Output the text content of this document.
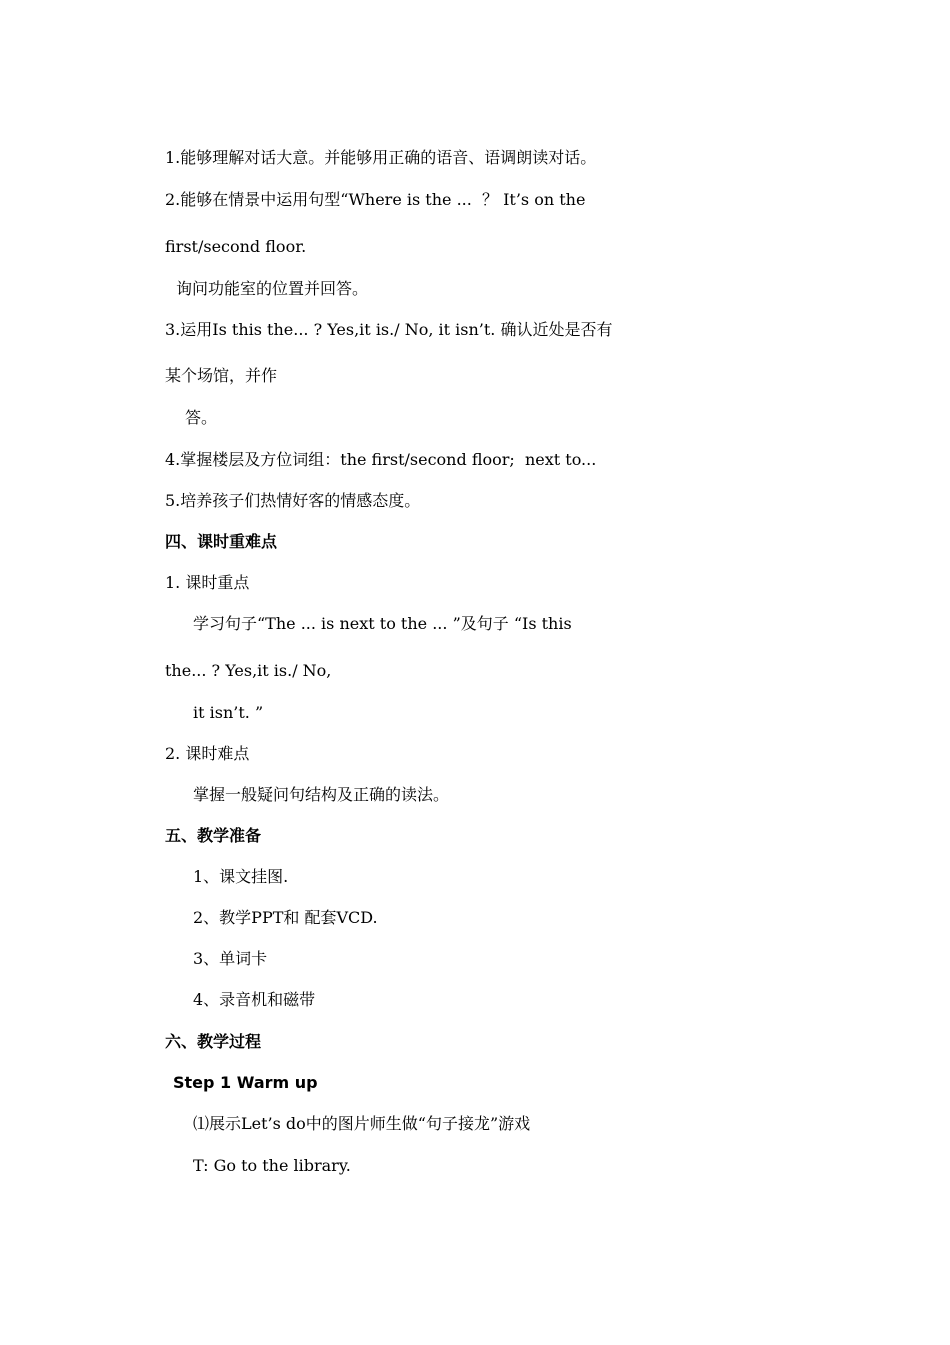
1.能够理解对话大意。并能够用正确的语音、语调朗读对话。

2.能够在情景中运用句型“Where is the ...  ？ It’s on the

first/second floor.

询问功能室的位置并回答。

3.运用Is this the... ? Yes,it is./ No, it isn’t. 确认近处是否有

某个场馆，并作

答。

4.掌握楼层及方位词组：the first/second floor;  next to...

5.培养孩子们热情好客的情感态度。

四、课时重难点

1. 课时重点

学习句子“The ... is next to the ... ”及句子 “Is this

the... ? Yes,it is./ No,

it isn’t. ”

2. 课时难点

掌握一般疑问句结构及正确的读法。

五、教学准备

1、课文挂图.

2、教学PPT和 配套VCD.

3、单词卡

4、录音机和磁带

六、教学过程

Step 1 Warm up

⑴展示Let’s do中的图片师生做“句子接龙”游戏

T: Go to the library.
